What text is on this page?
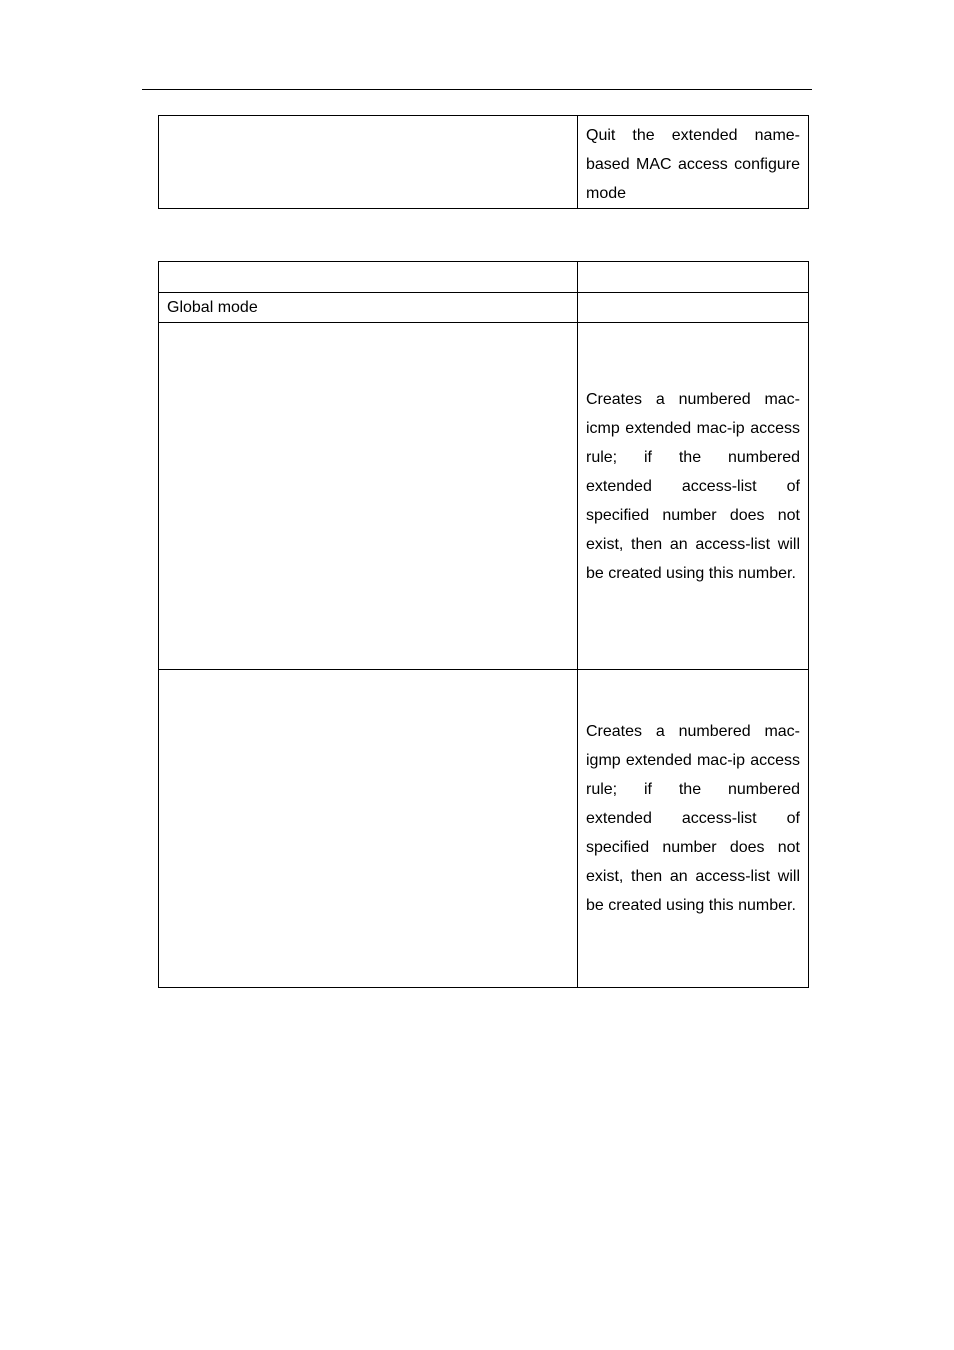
	Quit the extended name-based MAC access configure mode

Global mode	
	Creates a numbered mac-icmp extended mac-ip access rule; if the numbered extended access-list of specified number does not exist, then an access-list will be created using this number.
	Creates a numbered mac-igmp extended mac-ip access rule; if the numbered extended access-list of specified number does not exist, then an access-list will be created using this number.
